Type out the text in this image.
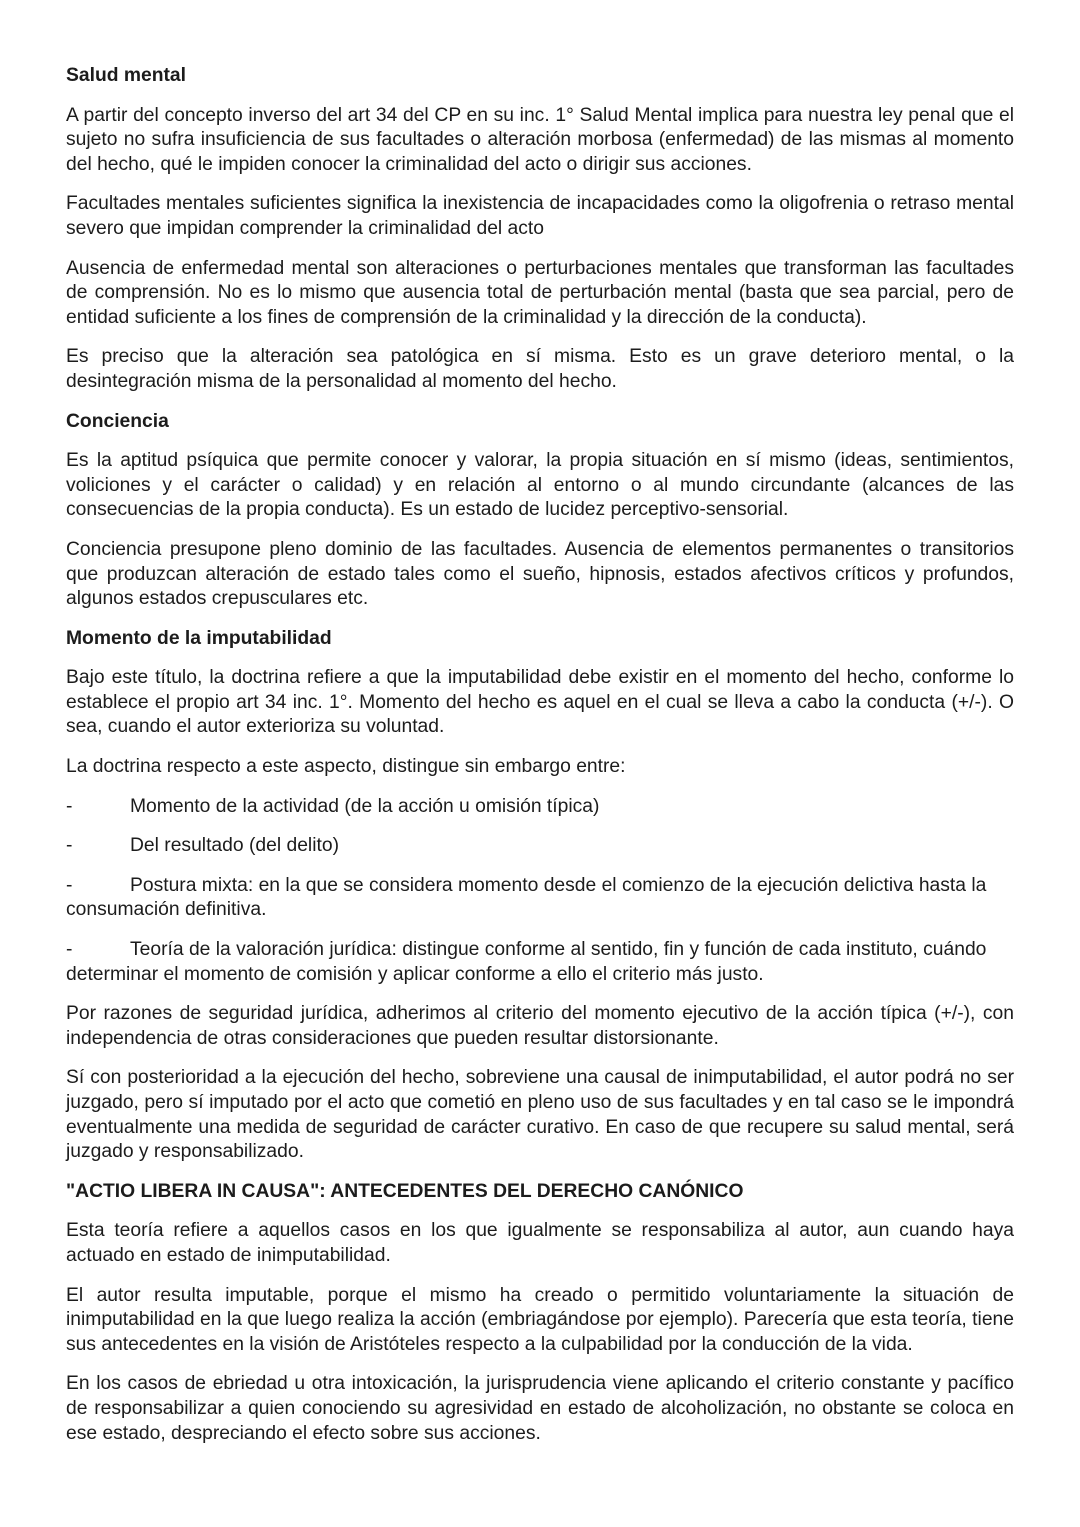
Salud mental
A partir del concepto inverso del art 34 del CP en su inc. 1° Salud Mental implica para nuestra ley penal que el sujeto no sufra insuficiencia de sus facultades o alteración morbosa (enfermedad) de las mismas al momento del hecho, qué le impiden conocer la criminalidad del acto o dirigir sus acciones.
Facultades mentales suficientes significa la inexistencia de incapacidades como la oligofrenia o retraso mental severo que impidan comprender la criminalidad del acto
Ausencia de enfermedad mental son alteraciones o perturbaciones mentales que transforman las facultades de comprensión. No es lo mismo que ausencia total de perturbación mental (basta que sea parcial, pero de entidad suficiente a los fines de comprensión de la criminalidad y la dirección de la conducta).
Es preciso que la alteración sea patológica en sí misma. Esto es un grave deterioro mental, o la desintegración misma de la personalidad al momento del hecho.
Conciencia
Es la aptitud psíquica que permite conocer y valorar, la propia situación en sí mismo (ideas, sentimientos, voliciones y el carácter o calidad) y en relación al entorno o al mundo circundante (alcances de las consecuencias de la propia conducta). Es un estado de lucidez perceptivo-sensorial.
Conciencia presupone pleno dominio de las facultades. Ausencia de elementos permanentes o transitorios que produzcan alteración de estado tales como el sueño, hipnosis, estados afectivos críticos y profundos, algunos estados crepusculares etc.
Momento de la imputabilidad
Bajo este título, la doctrina refiere a que la imputabilidad debe existir en el momento del hecho, conforme lo establece el propio art 34 inc. 1°. Momento del hecho es aquel en el cual se lleva a cabo la conducta (+/-). O sea, cuando el autor exterioriza su voluntad.
La doctrina respecto a este aspecto, distingue sin embargo entre:
-	Momento de la actividad (de la acción u omisión típica)
-	Del resultado (del delito)
-	Postura mixta: en la que se considera momento desde el comienzo de la ejecución delictiva hasta la consumación definitiva.
-	Teoría de la valoración jurídica: distingue conforme al sentido, fin y función de cada instituto, cuándo determinar el momento de comisión y aplicar conforme a ello el criterio más justo.
Por razones de seguridad jurídica, adherimos al criterio del momento ejecutivo de la acción típica (+/-), con independencia de otras consideraciones que pueden resultar distorsionante.
Sí con posterioridad a la ejecución del hecho, sobreviene una causal de inimputabilidad, el autor podrá no ser juzgado, pero sí imputado por el acto que cometió en pleno uso de sus facultades y en tal caso se le impondrá eventualmente una medida de seguridad de carácter curativo. En caso de que recupere su salud mental, será juzgado y responsabilizado.
"ACTIO LIBERA IN CAUSA": ANTECEDENTES DEL DERECHO CANÓNICO
Esta teoría refiere a aquellos casos en los que igualmente se responsabiliza al autor, aun cuando haya actuado en estado de inimputabilidad.
El autor resulta imputable, porque el mismo ha creado o permitido voluntariamente la situación de inimputabilidad en la que luego realiza la acción (embriagándose por ejemplo). Parecería que esta teoría, tiene sus antecedentes en la visión de Aristóteles respecto a la culpabilidad por la conducción de la vida.
En los casos de ebriedad u otra intoxicación, la jurisprudencia viene aplicando el criterio constante y pacífico de responsabilizar a quien conociendo su agresividad en estado de alcoholización, no obstante se coloca en ese estado, despreciando el efecto sobre sus acciones.
